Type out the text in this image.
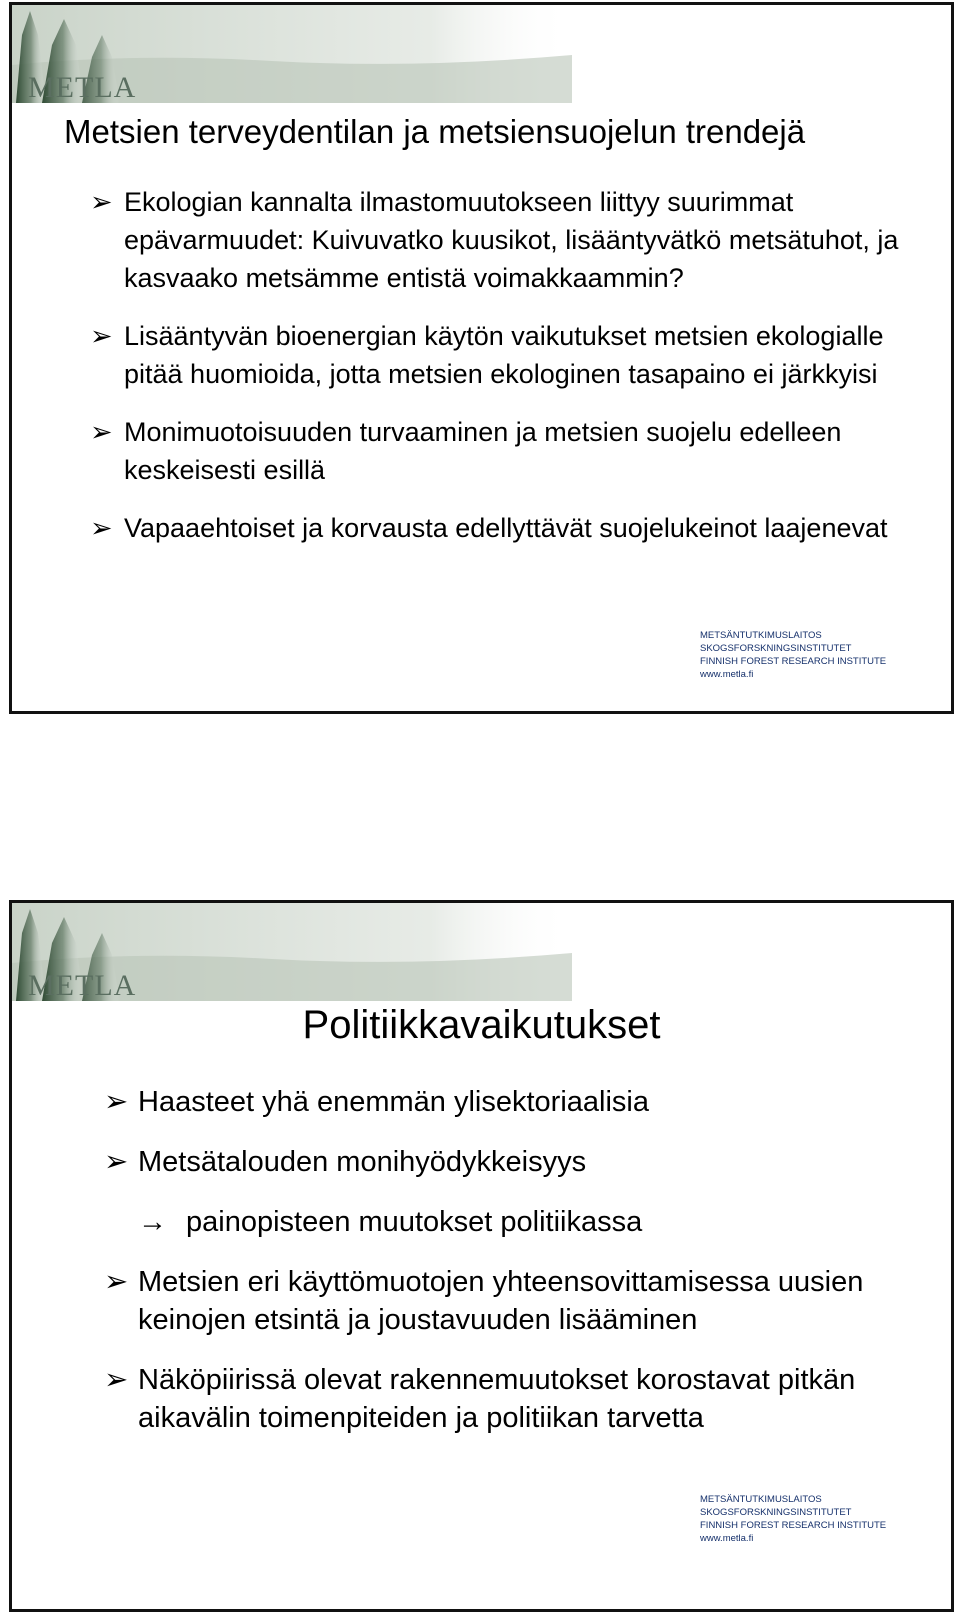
METLA
Metsien terveydentilan ja metsiensuojelun trendejä
➢ Ekologian kannalta ilmastomuutokseen liittyy suurimmat epävarmuudet: Kuivuvatko kuusikot, lisääntyvätkö metsätuhot, ja kasvaako metsämme entistä voimakkaammin?
➢ Lisääntyvän bioenergian käytön vaikutukset metsien ekologialle pitää huomioida, jotta metsien ekologinen tasapaino ei järkkyisi
➢ Monimuotoisuuden turvaaminen ja metsien suojelu edelleen keskeisesti esillä
➢ Vapaaehtoiset ja korvausta edellyttävät suojelukeinot laajenevat
METSÄNTUTKIMUSLAITOS
SKOGSFORSKNINGSINSTITUTET
FINNISH FOREST RESEARCH INSTITUTE
www.metla.fi
METLA
Politiikkavaikutukset
➢ Haasteet yhä enemmän ylisektoriaalisia
➢ Metsätalouden monihyödykkeisyys
→ painopisteen muutokset politiikassa
➢ Metsien eri käyttömuotojen yhteensovittamisessa uusien keinojen etsintä ja joustavuuden lisääminen
➢ Näköpiirissä olevat rakennemuutokset korostavat pitkän aikavälin toimenpiteiden ja politiikan tarvetta
METSÄNTUTKIMUSLAITOS
SKOGSFORSKNINGSINSTITUTET
FINNISH FOREST RESEARCH INSTITUTE
www.metla.fi
